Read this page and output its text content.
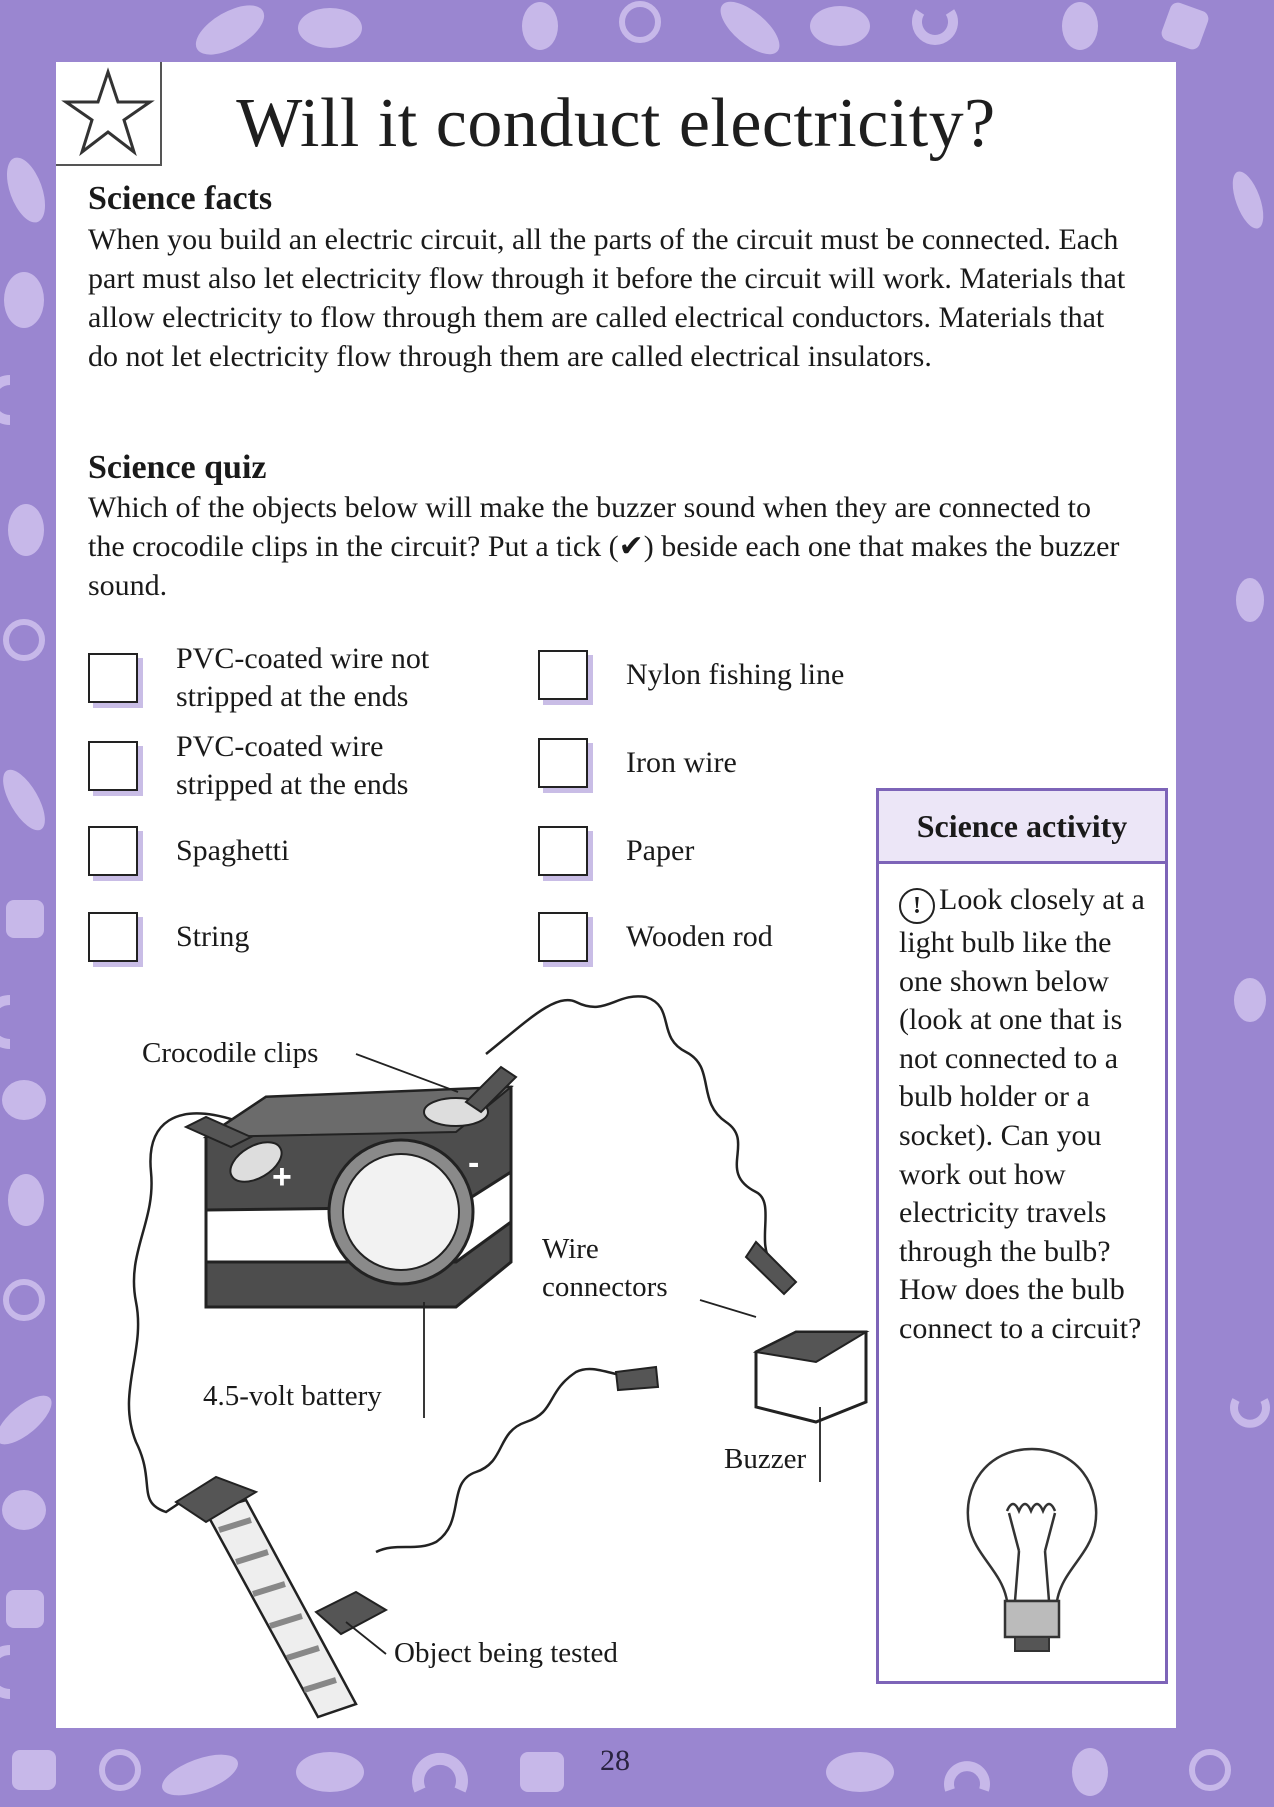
Will it conduct electricity?
Science facts
When you build an electric circuit, all the parts of the circuit must be connected. Each part must also let electricity flow through it before the circuit will work. Materials that allow electricity to flow through them are called electrical conductors. Materials that do not let electricity flow through them are called electrical insulators.
Science quiz
Which of the objects below will make the buzzer sound when they are connected to the crocodile clips in the circuit? Put a tick (✔) beside each one that makes the buzzer sound.
PVC-coated wire not
stripped at the ends
PVC-coated wire
stripped at the ends
Spaghetti
String
Nylon fishing line
Iron wire
Paper
Wooden rod
+	-
Crocodile clips
Wire
connectors
4.5-volt battery
Buzzer
Object being tested
Science activity
! Look closely at a light bulb like the one shown below (look at one that is not connected to a bulb holder or a socket). Can you work out how electricity travels through the bulb? How does the bulb connect to a circuit?
28
